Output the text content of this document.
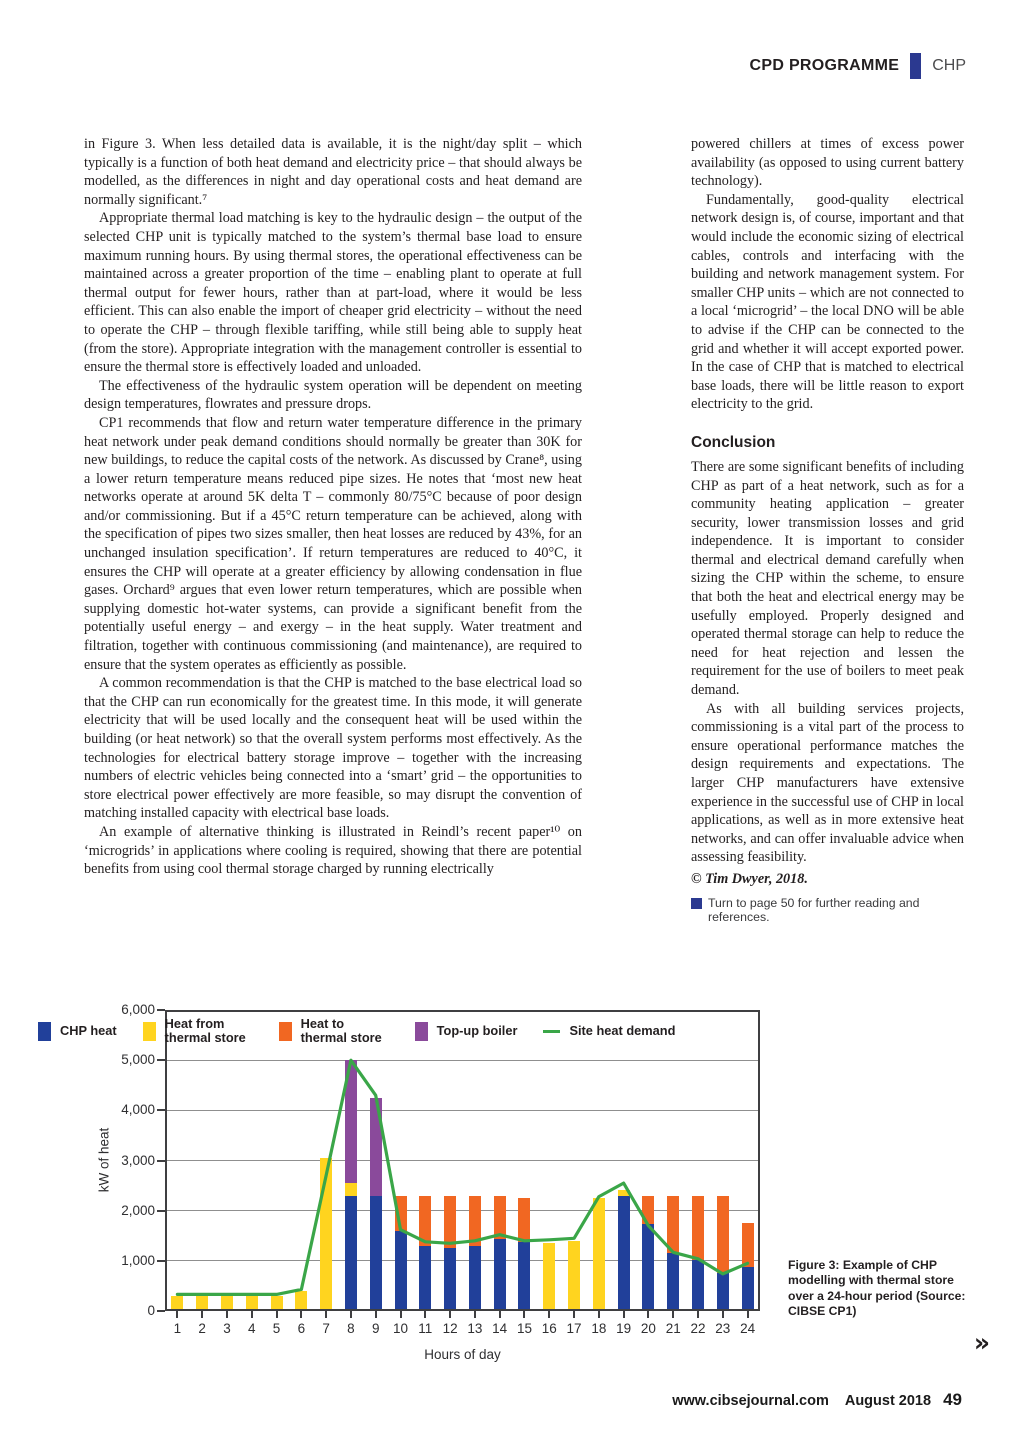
CPD PROGRAMME CHP

in Figure 3. When less detailed data is available, it is the night/day split – which typically is a function of both heat demand and electricity price – that should always be modelled, as the differences in night and day operational costs and heat demand are normally significant.⁷

Appropriate thermal load matching is key to the hydraulic design – the output of the selected CHP unit is typically matched to the system’s thermal base load to ensure maximum running hours. By using thermal stores, the operational effectiveness can be maintained across a greater proportion of the time – enabling plant to operate at full thermal output for fewer hours, rather than at part-load, where it would be less efficient. This can also enable the import of cheaper grid electricity – without the need to operate the CHP – through flexible tariffing, while still being able to supply heat (from the store). Appropriate integration with the management controller is essential to ensure the thermal store is effectively loaded and unloaded.

The effectiveness of the hydraulic system operation will be dependent on meeting design temperatures, flowrates and pressure drops.

CP1 recommends that flow and return water temperature difference in the primary heat network under peak demand conditions should normally be greater than 30K for new buildings, to reduce the capital costs of the network. As discussed by Crane⁸, using a lower return temperature means reduced pipe sizes. He notes that ‘most new heat networks operate at around 5K delta T – commonly 80/75°C because of poor design and/or commissioning. But if a 45°C return temperature can be achieved, along with the specification of pipes two sizes smaller, then heat losses are reduced by 43%, for an unchanged insulation specification’. If return temperatures are reduced to 40°C, it ensures the CHP will operate at a greater efficiency by allowing condensation in flue gases. Orchard⁹ argues that even lower return temperatures, which are possible when supplying domestic hot-water systems, can provide a significant benefit from the potentially useful energy – and exergy – in the heat supply. Water treatment and filtration, together with continuous commissioning (and maintenance), are required to ensure that the system operates as efficiently as possible.

A common recommendation is that the CHP is matched to the base electrical load so that the CHP can run economically for the greatest time. In this mode, it will generate electricity that will be used locally and the consequent heat will be used within the building (or heat network) so that the overall system performs most effectively. As the technologies for electrical battery storage improve – together with the increasing numbers of electric vehicles being connected into a ‘smart’ grid – the opportunities to store electrical power effectively are more feasible, so may disrupt the convention of matching installed capacity with electrical base loads.

An example of alternative thinking is illustrated in Reindl’s recent paper¹⁰ on ‘microgrids’ in applications where cooling is required, showing that there are potential benefits from using cool thermal storage charged by running electrically

powered chillers at times of excess power availability (as opposed to using current battery technology).

Fundamentally, good-quality electrical network design is, of course, important and that would include the economic sizing of electrical cables, controls and interfacing with the building and network management system. For smaller CHP units – which are not connected to a local ‘microgrid’ – the local DNO will be able to advise if the CHP can be connected to the grid and whether it will accept exported power. In the case of CHP that is matched to electrical base loads, there will be little reason to export electricity to the grid.

Conclusion

There are some significant benefits of including CHP as part of a heat network, such as for a community heating application – greater security, lower transmission losses and grid independence. It is important to consider thermal and electrical demand carefully when sizing the CHP within the scheme, to ensure that both the heat and electrical energy may be usefully employed. Properly designed and operated thermal storage can help to reduce the need for heat rejection and lessen the requirement for the use of boilers to meet peak demand.

As with all building services projects, commissioning is a vital part of the process to ensure operational performance matches the design requirements and expectations. The larger CHP manufacturers have extensive experience in the successful use of CHP in local applications, as well as in more extensive heat networks, and can offer invaluable advice when assessing feasibility.

© Tim Dwyer, 2018.

Turn to page 50 for further reading and references.
kW of heat
CHP heat	Heat from thermal store
Heat to thermal store	Top-up boiler	Site heat demand
0
1,000
2,000
3,000
4,000
5,000
6,000
1	2	3	4	5	6	7	8	9	10 11 12 13 14 15 16 17 18 19 20 21 22 23 24
Hours of day
Figure 3: Example of CHP modelling with thermal store over a 24-hour period (Source: CIBSE CP1)
»
www.cibsejournal.com August 2018 49
